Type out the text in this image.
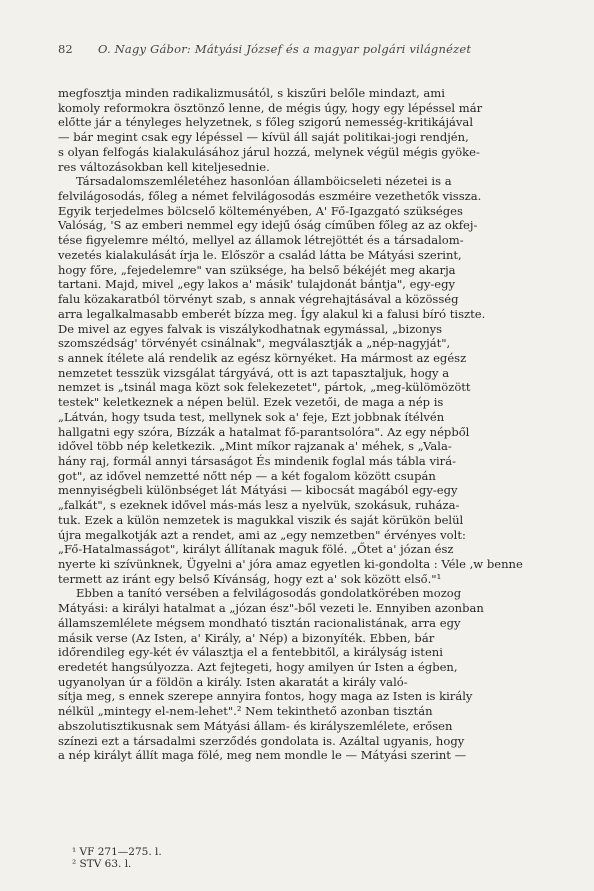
82 O. Nagy Gábor: Mátyási József és a magyar polgári világnézet
megfosztja minden radikalizmusától, s kiszűri belőle mindazt, ami
komoly reformokra ösztönző lenne, de mégis úgy, hogy egy lépéssel már
előtte jár a tényleges helyzetnek, s főleg szigorú nemesség-kritikájával
— bár megint csak egy lépéssel — kívül áll saját politikai-jogi rendjén,
s olyan felfogás kialakulásához járul hozzá, melynek végül mégis gyöke-
res változásokban kell kiteljesednie.
Társadalomszemléletéhez hasonlóan államböicseleti nézetei is a
felvilágosodás, főleg a német felvilágosodás eszméire vezethetők vissza.
Egyik terjedelmes bölcselő költeményében, A' Fő-Igazgató szükséges
Valóság, 'S az emberi nemmel egy idejű óság címűben főleg az az okfej-
tése figyelemre méltó, mellyel az államok létrejöttét és a társadalom-
vezetés kialakulását írja le. Először a család látta be Mátyási szerint,
hogy főre, „fejedelemre" van szüksége, ha belső békéjét meg akarja
tartani. Majd, mivel „egy lakos a' másik' tulajdonát bántja", egy-egy
falu közakaratból törvényt szab, s annak végrehajtásával a közösség
arra legalkalmasabb emberét bízza meg. Így alakul ki a falusi bíró tisztе.
De mivel az egyes falvak is viszálykodhatnak egymással, „bizonys
szomszédság' törvényét csinálnak", megválasztják a „nép-nagyját",
s annek ítélete alá rendelik az egész környéket. Ha mármost az egész
nemzetet tesszük vizsgálat tárgyává, ott is azt tapasztaljuk, hogy a
nemzet is „tsinál maga közt sok felekezetet", pártok, „meg-külömözött
testek" keletkeznek a népen belül. Ezek vezetői, de maga a nép is
„Látván, hogy tsuda test, mellynek sok a' feje, Ezt jobbnak ítélvén
hallgatni egy szóra, Bízzák a hatalmat fő-parantsolóra". Az egy népből
idővel több nép keletkezik. „Mint míkor rajzanak a' méhek, s „Vala-
hány raj, formál annyi társaságot És mindenik foglal más tábla virá-
got", az idővel nemzetté nőtt nép — a két fogalom között csupán
mennyiségbeli különbséget lát Mátyási — kibocsát magából egy-egy
„falkát", s ezeknek idővel más-más lesz a nyelvük, szokásuk, ruháza-
tuk. Ezek a külön nemzetek is magukkal viszik és saját körükön belül
újra megalkotják azt a rendet, ami az „egy nemzetben" érvényes volt:
„Fő-Hatalmasságot", királyt állítanak maguk fölé. „Őtet a' józan ész
nyerte ki szívünknek, Ügyelni a' jóra amaz egyetlen ki-gondolta : Véle ,w benne
termett az iránt egy belső Kívánság, hogy ezt a' sok között első."¹
Ebben a tanító versében a felvilágosodás gondolatkörében mozog
Mátyási: a királyi hatalmat a „józan ész"-ből vezeti le. Ennyiben azonban
államszemlélete mégsem mondható tisztán racionalistának, arra egy
másik verse (Az Isten, a' Király, a' Nép) a bizonyíték. Ebben, bár
időrendileg egy-két év választja el a fentebbitől, a királyság isteni
eredetét hangsúlyozza. Azt fejtegeti, hogy amilyen úr Isten a égben,
ugyanolyan úr a földön a király. Isten akaratát a király való-
sítja meg, s ennek szerepe annyira fontos, hogy maga az Isten is király
nélkül „mintegy el-nem-lehet".² Nem tekinthető azonban tisztán
abszolutisztikusnak sem Mátyási állam- és királyszemlélete, erősen
színezi ezt a társadalmi szerződés gondolata is. Azáltal ugyanis, hogy
a nép királyt állít maga fölé, meg nem mondle le — Mátyási szerint —
¹ VF 271—275. l.
² STV 63. l.
